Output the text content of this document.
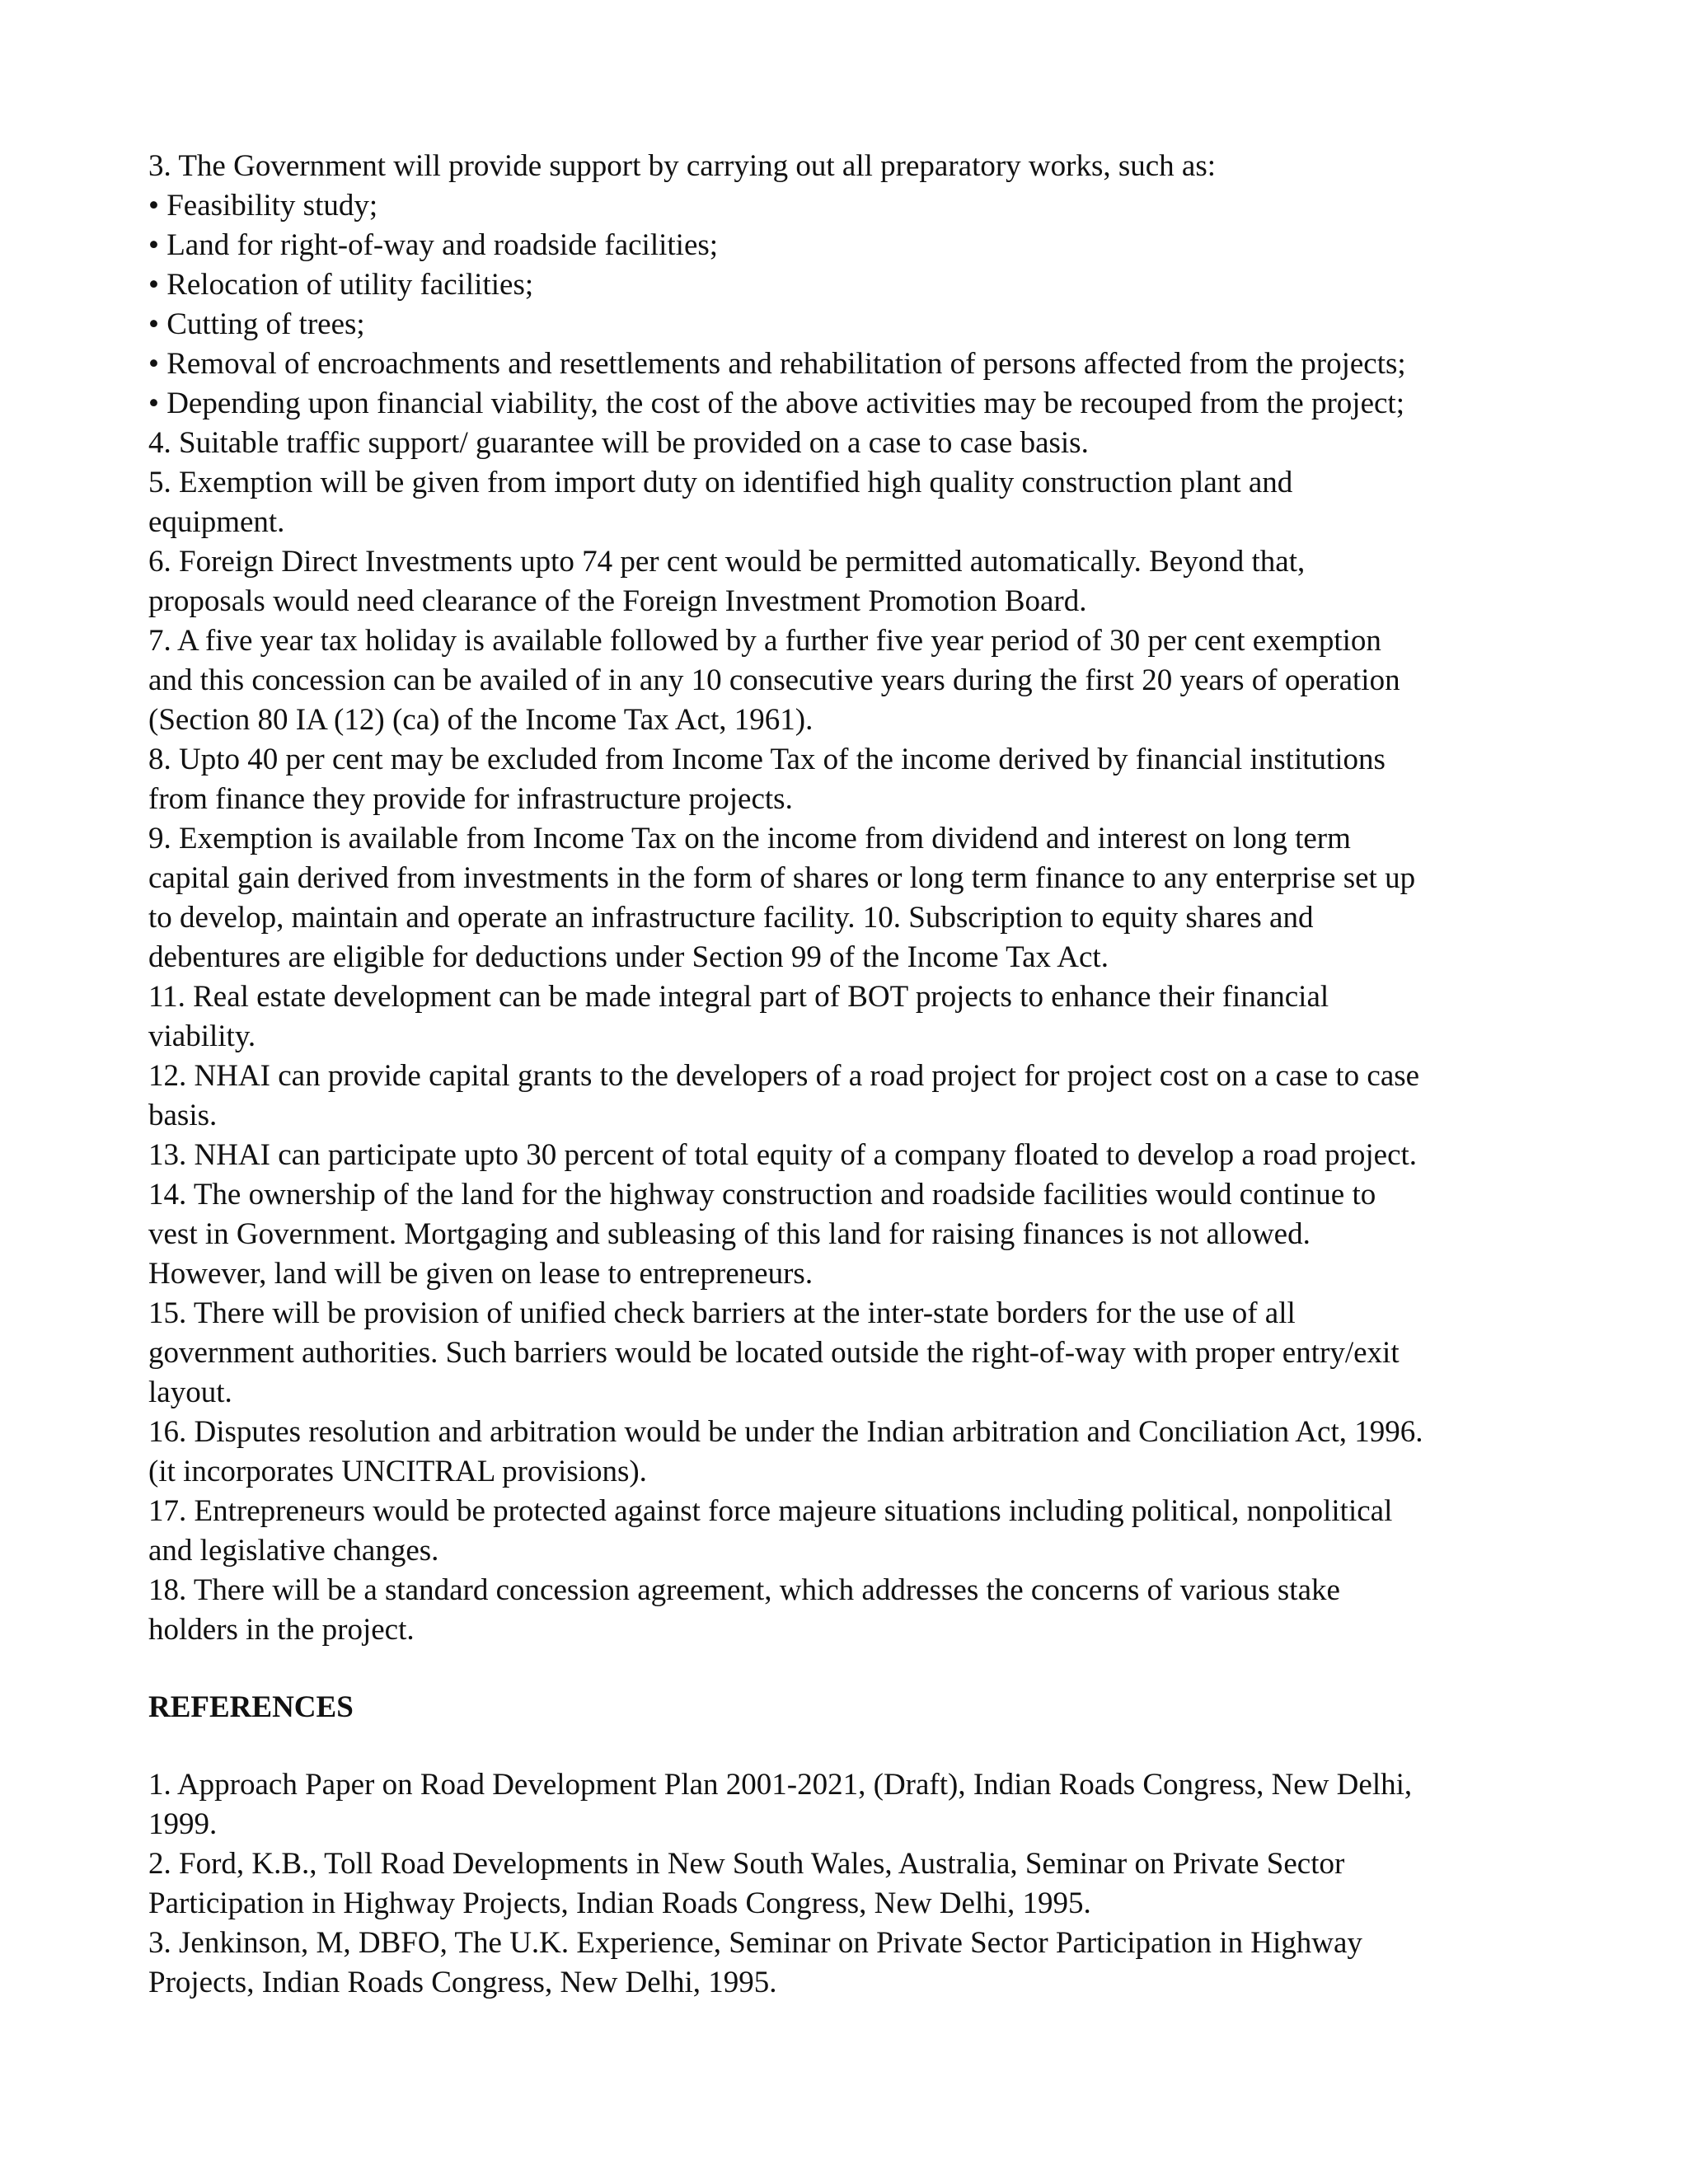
3. The Government will provide support by carrying out all preparatory works, such as:
• Feasibility study;
• Land for right-of-way and roadside facilities;
• Relocation of utility facilities;
• Cutting of trees;
• Removal of encroachments and resettlements and rehabilitation of persons affected from the projects;
• Depending upon financial viability, the cost of the above activities may be recouped from the project;
4. Suitable traffic support/ guarantee will be provided on a case to case basis.
5. Exemption will be given from import duty on identified high quality construction plant and
equipment.
6. Foreign Direct Investments upto 74 per cent would be permitted automatically. Beyond that,
proposals would need clearance of the Foreign Investment Promotion Board.
7. A five year tax holiday is available followed by a further five year period of 30 per cent exemption
and this concession can be availed of in any 10 consecutive years during the first 20 years of operation
(Section 80 IA (12) (ca) of the Income Tax Act, 1961).
8. Upto 40 per cent may be excluded from Income Tax of the income derived by financial institutions
from finance they provide for infrastructure projects.
9. Exemption is available from Income Tax on the income from dividend and interest on long term
capital gain derived from investments in the form of shares or long term finance to any enterprise set up
to develop, maintain and operate an infrastructure facility. 10. Subscription to equity shares and
debentures are eligible for deductions under Section 99 of the Income Tax Act.
11. Real estate development can be made integral part of BOT projects to enhance their financial
viability.
12. NHAI can provide capital grants to the developers of a road project for project cost on a case to case
basis.
13. NHAI can participate upto 30 percent of total equity of a company floated to develop a road project.
14. The ownership of the land for the highway construction and roadside facilities would continue to
vest in Government. Mortgaging and subleasing of this land for raising finances is not allowed.
However, land will be given on lease to entrepreneurs.
15. There will be provision of unified check barriers at the inter-state borders for the use of all
government authorities. Such barriers would be located outside the right-of-way with proper entry/exit
layout.
16. Disputes resolution and arbitration would be under the Indian arbitration and Conciliation Act, 1996.
(it incorporates UNCITRAL provisions).
17. Entrepreneurs would be protected against force majeure situations including political, nonpolitical
and legislative changes.
18. There will be a standard concession agreement, which addresses the concerns of various stake
holders in the project.
REFERENCES
1. Approach Paper on Road Development Plan 2001-2021, (Draft), Indian Roads Congress, New Delhi,
1999.
2. Ford, K.B., Toll Road Developments in New South Wales, Australia, Seminar on Private Sector
Participation in Highway Projects, Indian Roads Congress, New Delhi, 1995.
3. Jenkinson, M, DBFO, The U.K. Experience, Seminar on Private Sector Participation in Highway
Projects, Indian Roads Congress, New Delhi, 1995.
